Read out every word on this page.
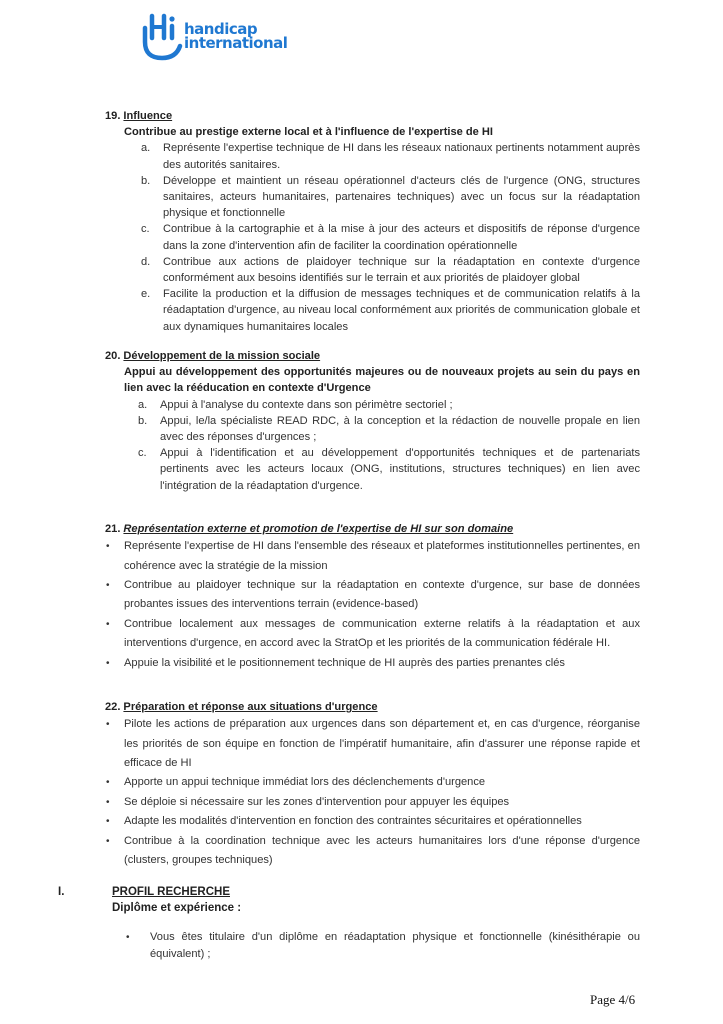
handicap
international
19. Influence
Contribue au prestige externe local et à l'influence de l'expertise de HI
a. Représente l'expertise technique de HI dans les réseaux nationaux pertinents notamment auprès des autorités sanitaires.
b. Développe et maintient un réseau opérationnel d'acteurs clés de l'urgence (ONG, structures sanitaires, acteurs humanitaires, partenaires techniques) avec un focus sur la réadaptation physique et fonctionnelle
c. Contribue à la cartographie et à la mise à jour des acteurs et dispositifs de réponse d'urgence dans la zone d'intervention afin de faciliter la coordination opérationnelle
d. Contribue aux actions de plaidoyer technique sur la réadaptation en contexte d'urgence conformément aux besoins identifiés sur le terrain et aux priorités de plaidoyer global
e. Facilite la production et la diffusion de messages techniques et de communication relatifs à la réadaptation d'urgence, au niveau local conformément aux priorités de communication globale et aux dynamiques humanitaires locales
20. Développement de la mission sociale
Appui au développement des opportunités majeures ou de nouveaux projets au sein du pays en lien avec la rééducation en contexte d'Urgence
a. Appui à l'analyse du contexte dans son périmètre sectoriel ;
b. Appui, le/la spécialiste READ RDC, à la conception et la rédaction de nouvelle propale en lien avec des réponses d'urgences ;
c. Appui à l'identification et au développement d'opportunités techniques et de partenariats pertinents avec les acteurs locaux (ONG, institutions, structures techniques) en lien avec l'intégration de la réadaptation d'urgence.
21. Représentation externe et promotion de l'expertise de HI sur son domaine
• Représente l'expertise de HI dans l'ensemble des réseaux et plateformes institutionnelles pertinentes, en cohérence avec la stratégie de la mission
• Contribue au plaidoyer technique sur la réadaptation en contexte d'urgence, sur base de données probantes issues des interventions terrain (evidence-based)
• Contribue localement aux messages de communication externe relatifs à la réadaptation et aux interventions d'urgence, en accord avec la StratOp et les priorités de la communication fédérale HI.
• Appuie la visibilité et le positionnement technique de HI auprès des parties prenantes clés
22. Préparation et réponse aux situations d'urgence
• Pilote les actions de préparation aux urgences dans son département et, en cas d'urgence, réorganise les priorités de son équipe en fonction de l'impératif humanitaire, afin d'assurer une réponse rapide et efficace de HI
• Apporte un appui technique immédiat lors des déclenchements d'urgence
• Se déploie si nécessaire sur les zones d'intervention pour appuyer les équipes
• Adapte les modalités d'intervention en fonction des contraintes sécuritaires et opérationnelles
• Contribue à la coordination technique avec les acteurs humanitaires lors d'une réponse d'urgence (clusters, groupes techniques)
I.	PROFIL RECHERCHE
Diplôme et expérience :
• Vous êtes titulaire d'un diplôme en réadaptation physique et fonctionnelle (kinésithérapie ou équivalent) ;
Page 4/6
